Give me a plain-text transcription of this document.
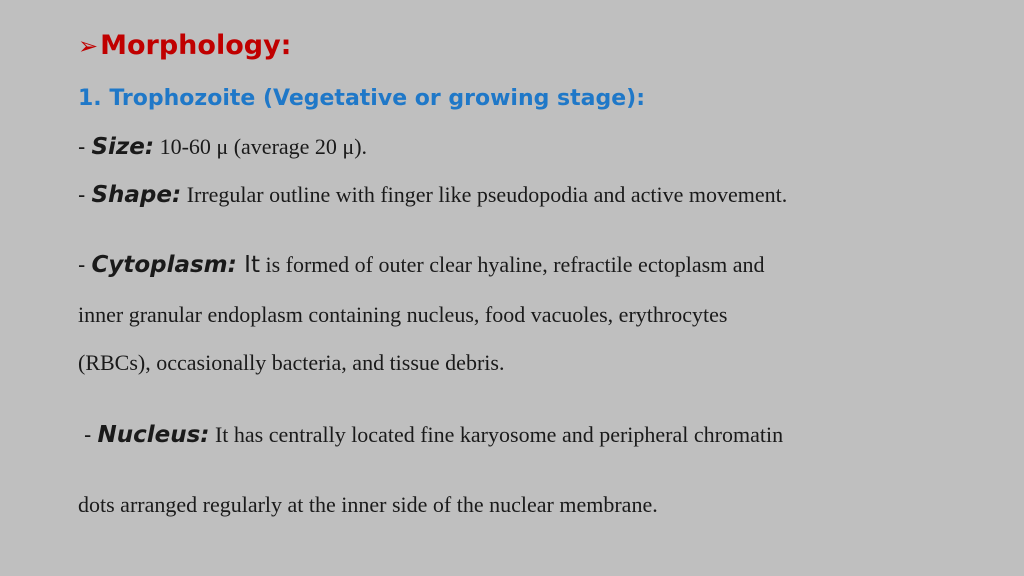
➢ Morphology:
1. Trophozoite (Vegetative or growing stage):
- Size: 10-60 μ (average 20 μ).
- Shape: Irregular outline with finger like pseudopodia and active movement.
- Cytoplasm: It is formed of outer clear hyaline, refractile ectoplasm and
inner granular endoplasm containing nucleus, food vacuoles, erythrocytes
(RBCs), occasionally bacteria, and tissue debris.
- Nucleus: It has centrally located fine karyosome and peripheral chromatin
dots arranged regularly at the inner side of the nuclear membrane.
